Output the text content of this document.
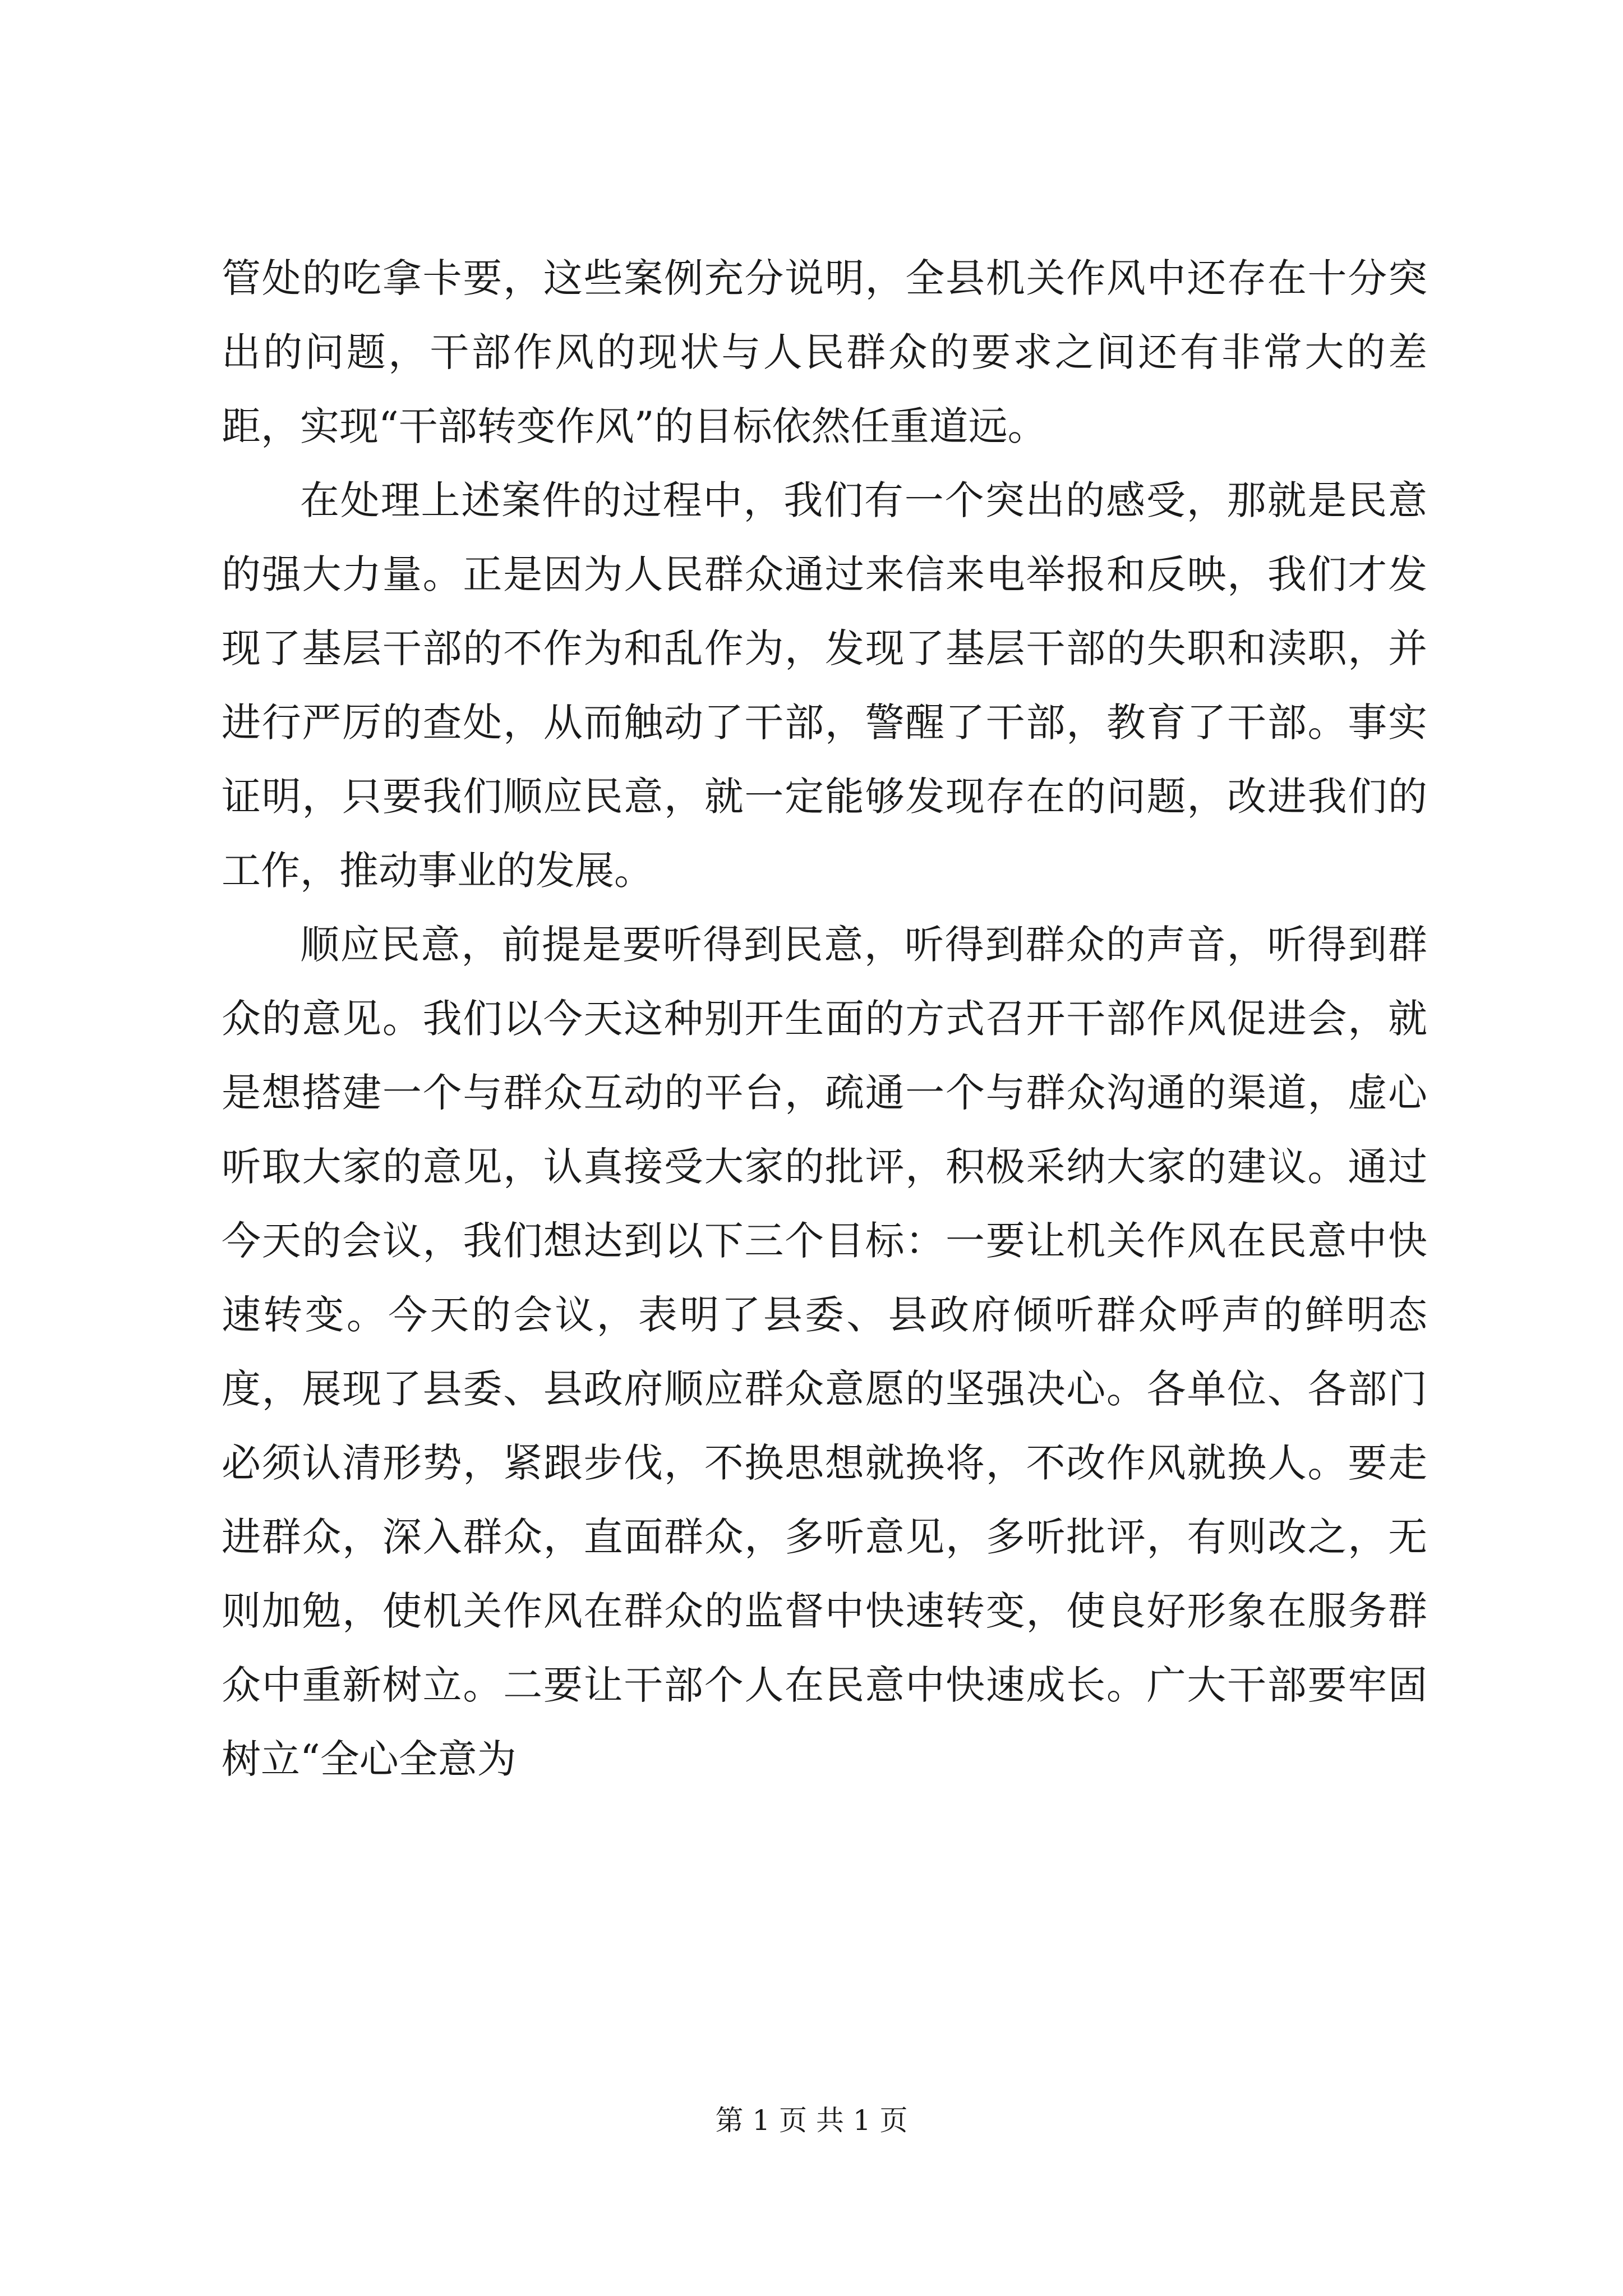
管处的吃拿卡要，这些案例充分说明，全县机关作风中还存在十分突出的问题，干部作风的现状与人民群众的要求之间还有非常大的差距，实现“干部转变作风”的目标依然任重道远。

在处理上述案件的过程中，我们有一个突出的感受，那就是民意的强大力量。正是因为人民群众通过来信来电举报和反映，我们才发现了基层干部的不作为和乱作为，发现了基层干部的失职和渎职，并进行严厉的查处，从而触动了干部，警醒了干部，教育了干部。事实证明，只要我们顺应民意，就一定能够发现存在的问题，改进我们的工作，推动事业的发展。

顺应民意，前提是要听得到民意，听得到群众的声音，听得到群众的意见。我们以今天这种别开生面的方式召开干部作风促进会，就是想搭建一个与群众互动的平台，疏通一个与群众沟通的渠道，虚心听取大家的意见，认真接受大家的批评，积极采纳大家的建议。通过今天的会议，我们想达到以下三个目标：一要让机关作风在民意中快速转变。今天的会议，表明了县委、县政府倾听群众呼声的鲜明态度，展现了县委、县政府顺应群众意愿的坚强决心。各单位、各部门必须认清形势，紧跟步伐，不换思想就换将，不改作风就换人。要走进群众，深入群众，直面群众，多听意见，多听批评，有则改之，无则加勉，使机关作风在群众的监督中快速转变，使良好形象在服务群众中重新树立。二要让干部个人在民意中快速成长。广大干部要牢固树立“全心全意为

第 1 页 共 1 页
